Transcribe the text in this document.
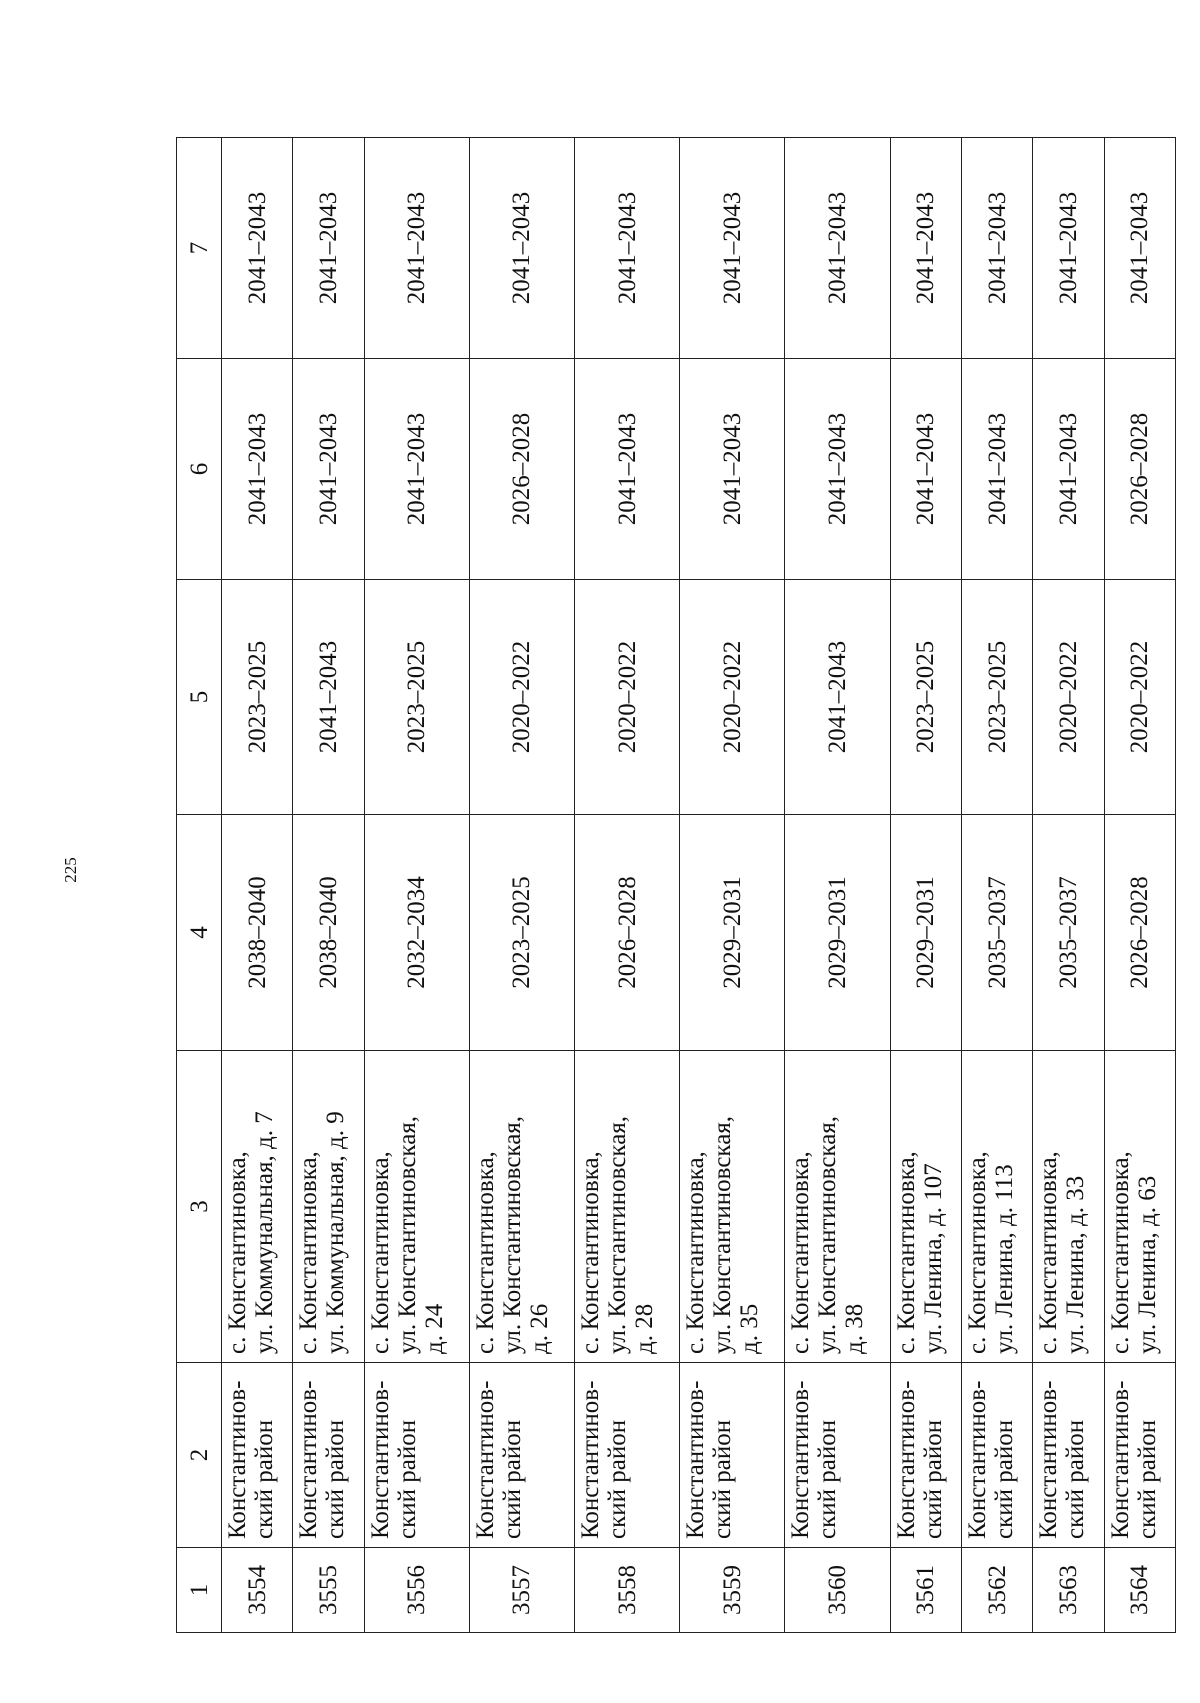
225
1	2	3	4	5	6	7
3554	Константинов- ский район	с. Константиновка, ул. Коммунальная, д. 7	2038–2040	2023–2025	2041–2043	2041–2043
3555	Константинов- ский район	с. Константиновка, ул. Коммунальная, д. 9	2038–2040	2041–2043	2041–2043	2041–2043
3556	Константинов- ский район	с. Константиновка, ул. Константиновская, д. 24	2032–2034	2023–2025	2041–2043	2041–2043
3557	Константинов- ский район	с. Константиновка, ул. Константиновская, д. 26	2023–2025	2020–2022	2026–2028	2041–2043
3558	Константинов- ский район	с. Константиновка, ул. Константиновская, д. 28	2026–2028	2020–2022	2041–2043	2041–2043
3559	Константинов- ский район	с. Константиновка, ул. Константиновская, д. 35	2029–2031	2020–2022	2041–2043	2041–2043
3560	Константинов- ский район	с. Константиновка, ул. Константиновская, д. 38	2029–2031	2041–2043	2041–2043	2041–2043
3561	Константинов- ский район	с. Константиновка, ул. Ленина, д. 107	2029–2031	2023–2025	2041–2043	2041–2043
3562	Константинов- ский район	с. Константиновка, ул. Ленина, д. 113	2035–2037	2023–2025	2041–2043	2041–2043
3563	Константинов- ский район	с. Константиновка, ул. Ленина, д. 33	2035–2037	2020–2022	2041–2043	2041–2043
3564	Константинов- ский район	с. Константиновка, ул. Ленина, д. 63	2026–2028	2020–2022	2026–2028	2041–2043
